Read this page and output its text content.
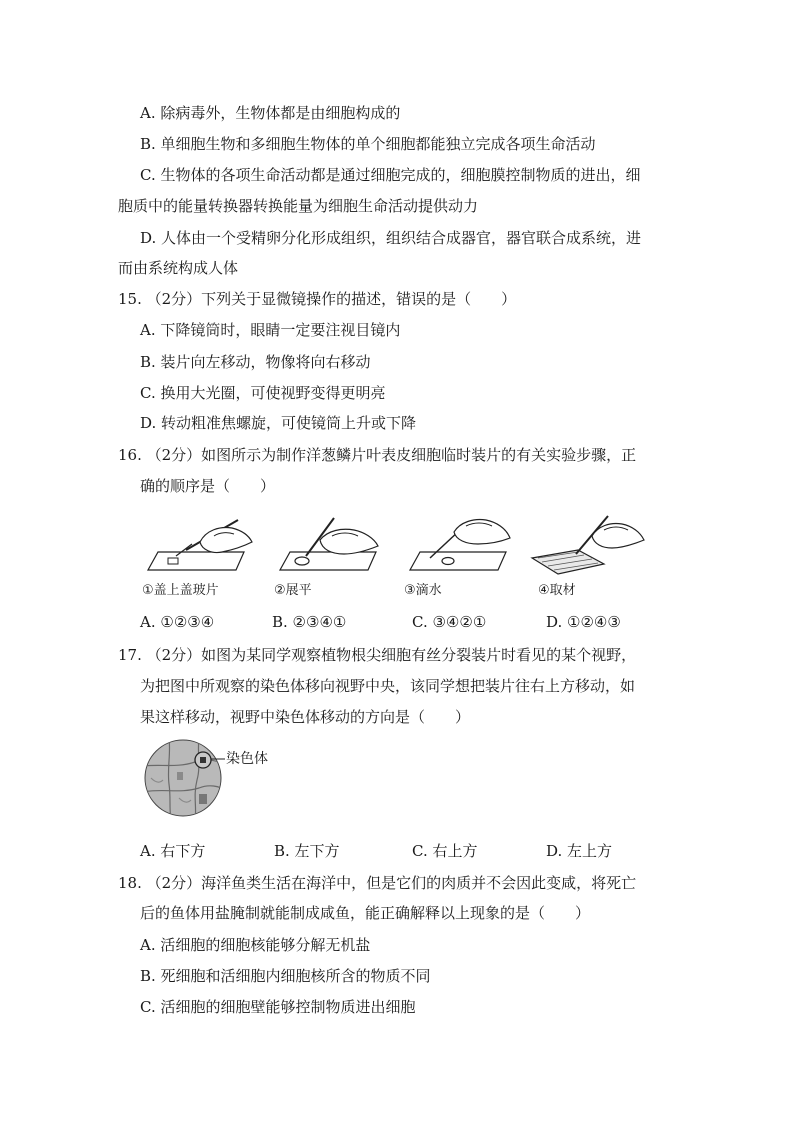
A. 除病毒外，生物体都是由细胞构成的
B. 单细胞生物和多细胞生物体的单个细胞都能独立完成各项生命活动
C. 生物体的各项生命活动都是通过细胞完成的，细胞膜控制物质的进出，细
胞质中的能量转换器转换能量为细胞生命活动提供动力
D. 人体由一个受精卵分化形成组织，组织结合成器官，器官联合成系统，进
而由系统构成人体
15. （2分）下列关于显微镜操作的描述，错误的是（　　）
A. 下降镜筒时，眼睛一定要注视目镜内
B. 装片向左移动，物像将向右移动
C. 换用大光圈，可使视野变得更明亮
D. 转动粗准焦螺旋，可使镜筒上升或下降
16. （2分）如图所示为制作洋葱鳞片叶表皮细胞临时装片的有关实验步骤，正
确的顺序是（　　）
①盖上盖玻片	②展平	③滴水	④取材
A. ①②③④	B. ②③④①	C. ③④②①	D. ①②④③
17. （2分）如图为某同学观察植物根尖细胞有丝分裂装片时看见的某个视野，
为把图中所观察的染色体移向视野中央，该同学想把装片往右上方移动，如
果这样移动，视野中染色体移动的方向是（　　）
染色体
A. 右下方	B. 左下方	C. 右上方	D. 左上方
18. （2分）海洋鱼类生活在海洋中，但是它们的肉质并不会因此变咸，将死亡
后的鱼体用盐腌制就能制成咸鱼，能正确解释以上现象的是（　　）
A. 活细胞的细胞核能够分解无机盐
B. 死细胞和活细胞内细胞核所含的物质不同
C. 活细胞的细胞壁能够控制物质进出细胞
